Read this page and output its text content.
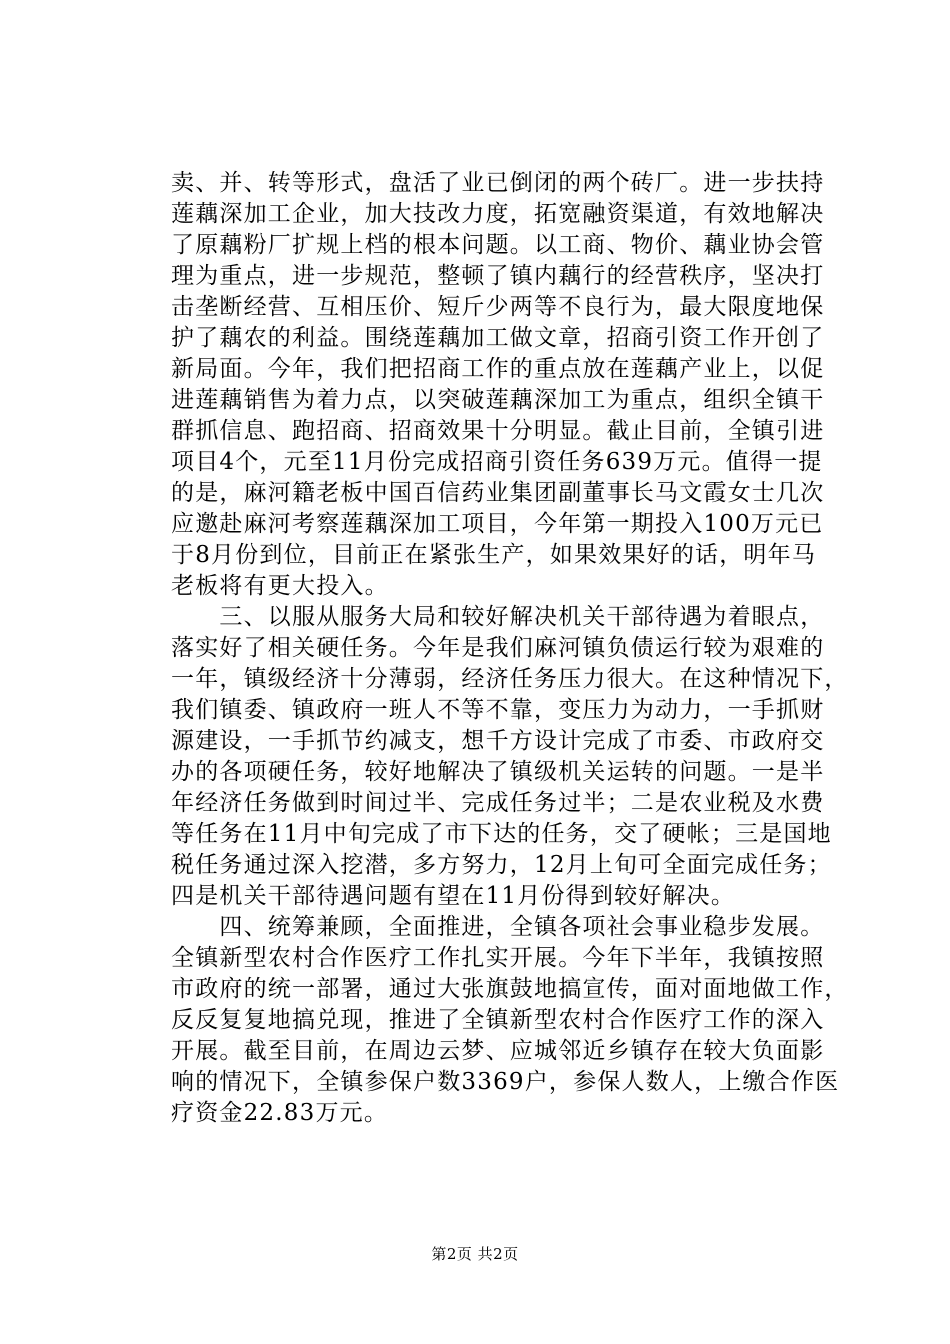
卖、并、转等形式，盘活了业已倒闭的两个砖厂。进一步扶持
莲藕深加工企业，加大技改力度，拓宽融资渠道，有效地解决
了原藕粉厂扩规上档的根本问题。以工商、物价、藕业协会管
理为重点，进一步规范，整顿了镇内藕行的经营秩序，坚决打
击垄断经营、互相压价、短斤少两等不良行为，最大限度地保
护了藕农的利益。围绕莲藕加工做文章，招商引资工作开创了
新局面。今年，我们把招商工作的重点放在莲藕产业上，以促
进莲藕销售为着力点，以突破莲藕深加工为重点，组织全镇干
群抓信息、跑招商、招商效果十分明显。截止目前，全镇引进
项目4个，元至11月份完成招商引资任务639万元。值得一提
的是，麻河籍老板中国百信药业集团副董事长马文霞女士几次
应邀赴麻河考察莲藕深加工项目，今年第一期投入100万元已
于8月份到位，目前正在紧张生产，如果效果好的话，明年马
老板将有更大投入。
　　三、以服从服务大局和较好解决机关干部待遇为着眼点，
落实好了相关硬任务。今年是我们麻河镇负债运行较为艰难的
一年，镇级经济十分薄弱，经济任务压力很大。在这种情况下，
我们镇委、镇政府一班人不等不靠，变压力为动力，一手抓财
源建设，一手抓节约减支，想千方设计完成了市委、市政府交
办的各项硬任务，较好地解决了镇级机关运转的问题。一是半
年经济任务做到时间过半、完成任务过半；二是农业税及水费
等任务在11月中旬完成了市下达的任务，交了硬帐；三是国地
税任务通过深入挖潜，多方努力，12月上旬可全面完成任务；
四是机关干部待遇问题有望在11月份得到较好解决。
　　四、统筹兼顾，全面推进，全镇各项社会事业稳步发展。
全镇新型农村合作医疗工作扎实开展。今年下半年，我镇按照
市政府的统一部署，通过大张旗鼓地搞宣传，面对面地做工作，
反反复复地搞兑现，推进了全镇新型农村合作医疗工作的深入
开展。截至目前，在周边云梦、应城邻近乡镇存在较大负面影
响的情况下，全镇参保户数3369户，参保人数人，上缴合作医
疗资金22.83万元。
第2页 共2页
